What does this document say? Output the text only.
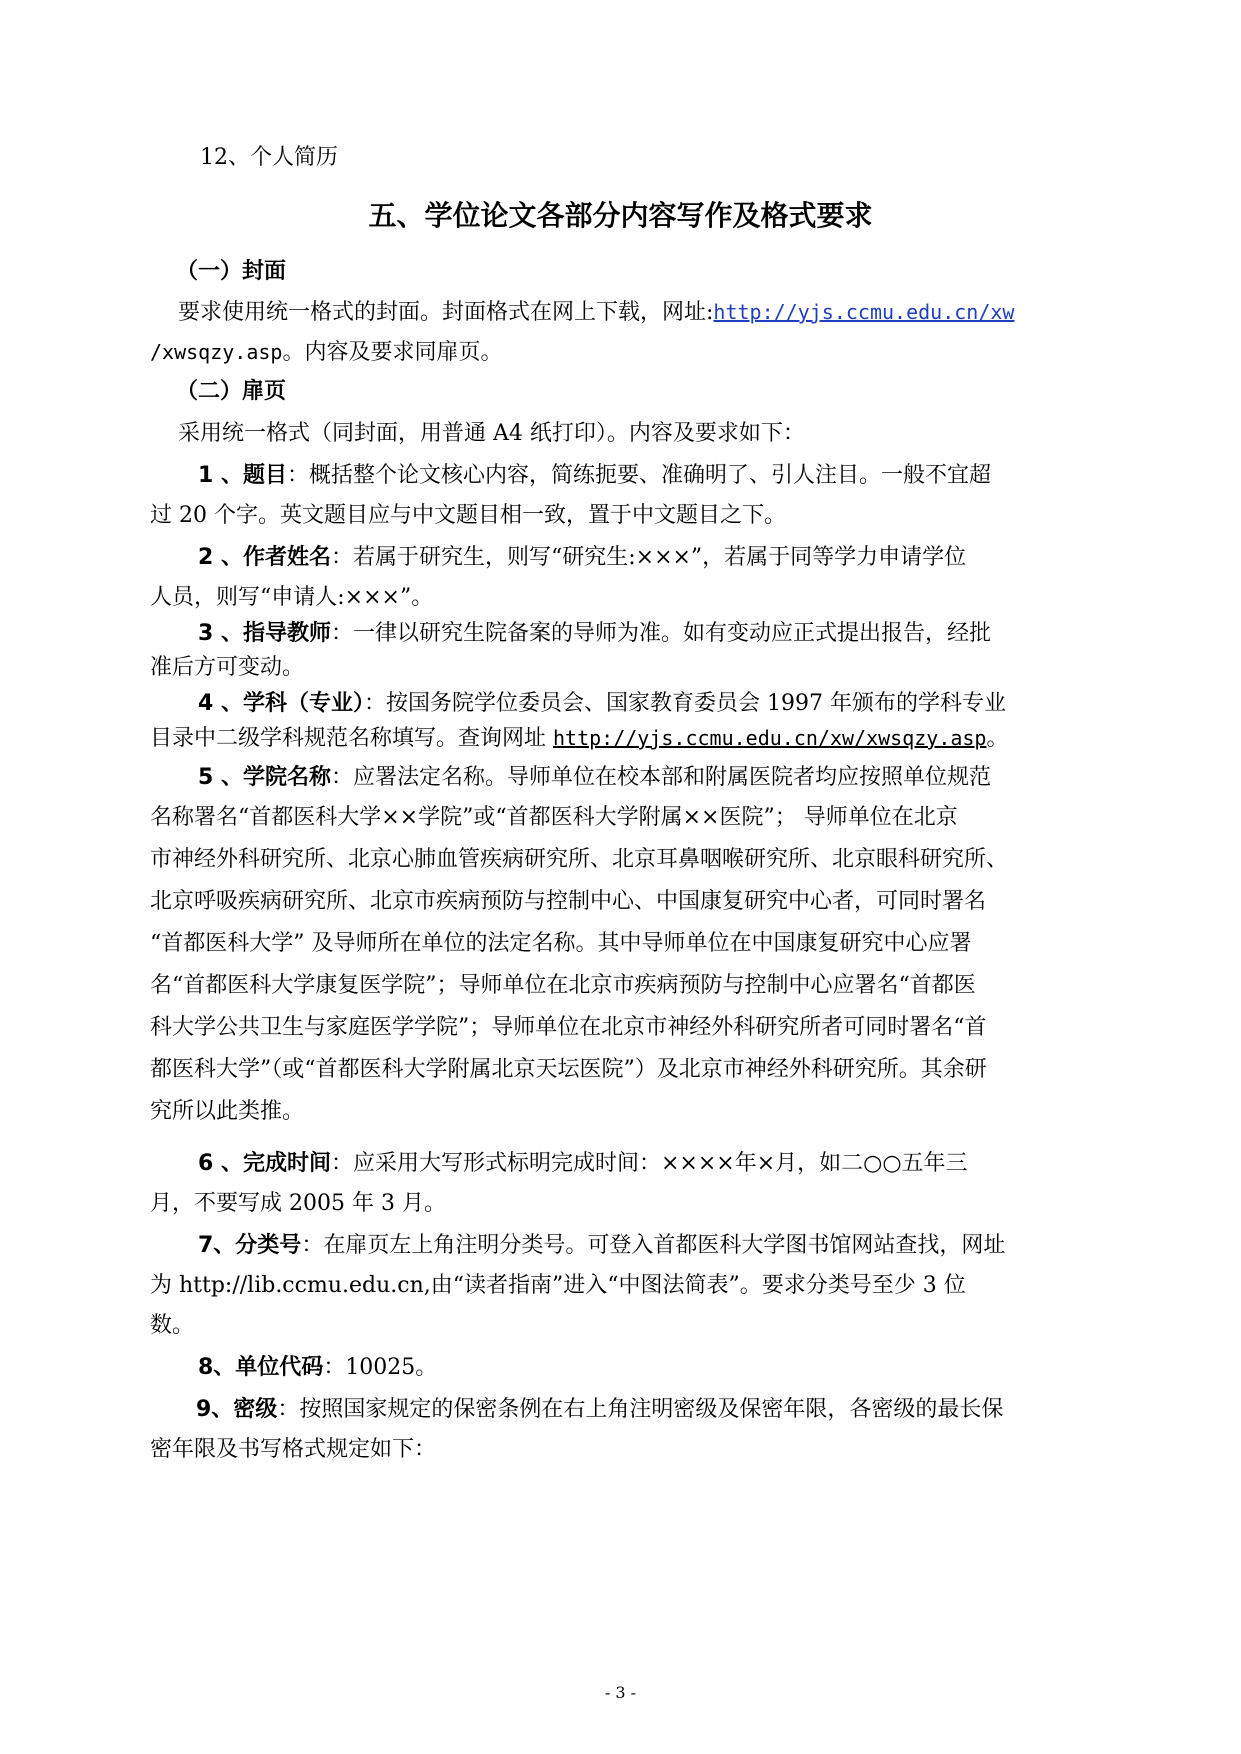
12、个人简历
五、学位论文各部分内容写作及格式要求
（一）封面
要求使用统一格式的封面。封面格式在网上下载，网址:http://yjs.ccmu.edu.cn/xw
/xwsqzy.asp。内容及要求同扉页。
（二）扉页
采用统一格式（同封面，用普通 A4 纸打印）。内容及要求如下：
1 、题目：概括整个论文核心内容，简练扼要、准确明了、引人注目。一般不宜超
过 20 个字。英文题目应与中文题目相一致，置于中文题目之下。
2 、作者姓名：若属于研究生，则写“研究生:×××”，若属于同等学力申请学位
人员，则写“申请人:×××”。
3 、指导教师：一律以研究生院备案的导师为准。如有变动应正式提出报告，经批
准后方可变动。
4 、学科（专业）：按国务院学位委员会、国家教育委员会 1997 年颁布的学科专业
目录中二级学科规范名称填写。查询网址 http://yjs.ccmu.edu.cn/xw/xwsqzy.asp。
5 、学院名称：应署法定名称。导师单位在校本部和附属医院者均应按照单位规范
名称署名“首都医科大学××学院”或“首都医科大学附属××医院”； 导师单位在北京
市神经外科研究所、北京心肺血管疾病研究所、北京耳鼻咽喉研究所、北京眼科研究所、
北京呼吸疾病研究所、北京市疾病预防与控制中心、中国康复研究中心者，可同时署名
“首都医科大学” 及导师所在单位的法定名称。其中导师单位在中国康复研究中心应署
名“首都医科大学康复医学院”；导师单位在北京市疾病预防与控制中心应署名“首都医
科大学公共卫生与家庭医学学院”；导师单位在北京市神经外科研究所者可同时署名“首
都医科大学”（或“首都医科大学附属北京天坛医院”）及北京市神经外科研究所。其余研
究所以此类推。
6 、完成时间：应采用大写形式标明完成时间：××××年×月，如二○○五年三
月，不要写成 2005 年 3 月。
7、分类号：在扉页左上角注明分类号。可登入首都医科大学图书馆网站查找，网址
为 http://lib.ccmu.edu.cn,由“读者指南”进入“中图法简表”。要求分类号至少 3 位
数。
8、单位代码：10025。
9、密级：按照国家规定的保密条例在右上角注明密级及保密年限，各密级的最长保
密年限及书写格式规定如下：
- 3 -
